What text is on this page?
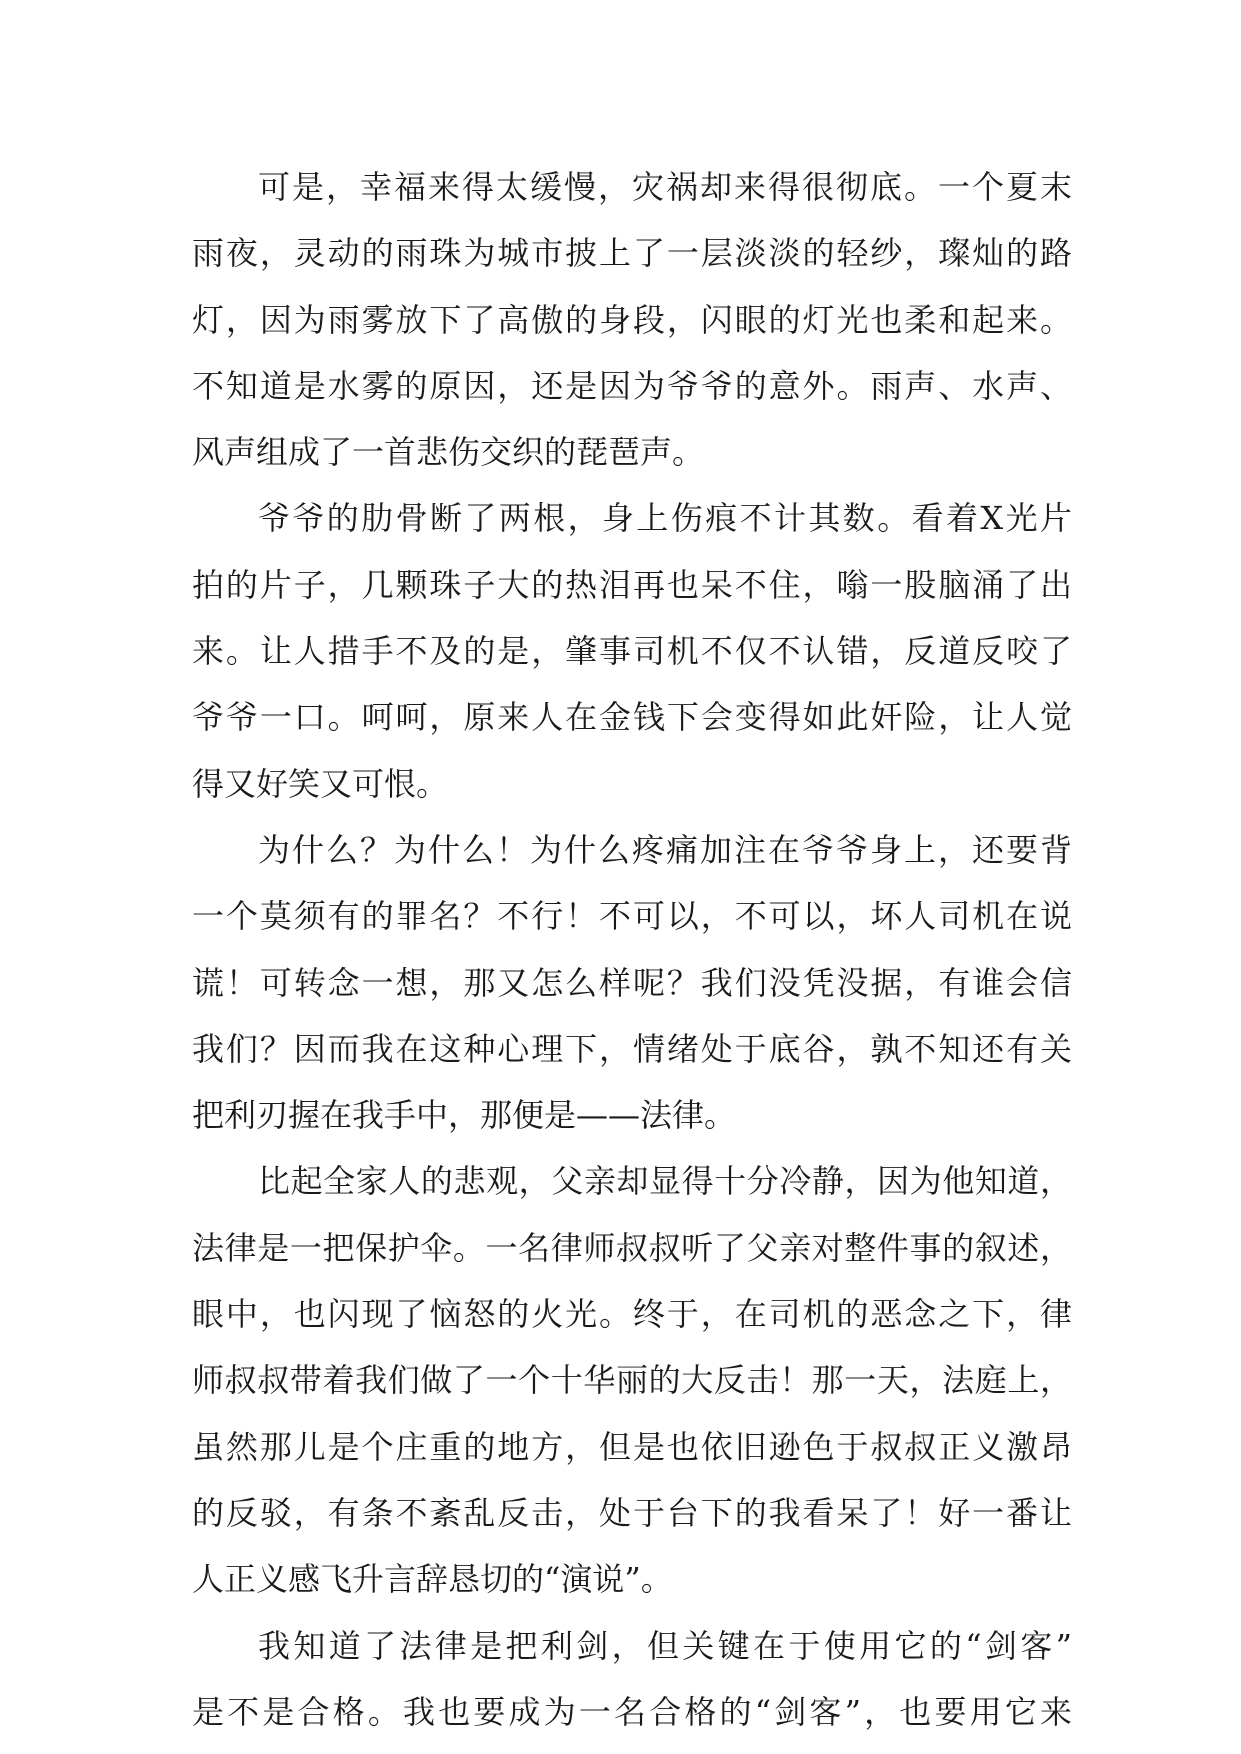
可是，幸福来得太缓慢，灾祸却来得很彻底。一个夏末
雨夜，灵动的雨珠为城市披上了一层淡淡的轻纱，璨灿的路
灯，因为雨雾放下了高傲的身段，闪眼的灯光也柔和起来。
不知道是水雾的原因，还是因为爷爷的意外。雨声、水声、
风声组成了一首悲伤交织的琵琶声。
爷爷的肋骨断了两根，身上伤痕不计其数。看着X光片
拍的片子，几颗珠子大的热泪再也呆不住，嗡一股脑涌了出
来。让人措手不及的是，肇事司机不仅不认错，反道反咬了
爷爷一口。呵呵，原来人在金钱下会变得如此奸险，让人觉
得又好笑又可恨。
为什么？为什么！为什么疼痛加注在爷爷身上，还要背
一个莫须有的罪名？不行！不可以，不可以，坏人司机在说
谎！可转念一想，那又怎么样呢？我们没凭没据，有谁会信
我们？因而我在这种心理下，情绪处于底谷，孰不知还有关
把利刃握在我手中，那便是——法律。
比起全家人的悲观，父亲却显得十分冷静，因为他知道，
法律是一把保护伞。一名律师叔叔听了父亲对整件事的叙述，
眼中，也闪现了恼怒的火光。终于，在司机的恶念之下，律
师叔叔带着我们做了一个十华丽的大反击！那一天，法庭上，
虽然那儿是个庄重的地方，但是也依旧逊色于叔叔正义激昂
的反驳，有条不紊乱反击，处于台下的我看呆了！好一番让
人正义感飞升言辞恳切的“演说”。
我知道了法律是把利剑，但关键在于使用它的“剑客”
是不是合格。我也要成为一名合格的“剑客”，也要用它来
